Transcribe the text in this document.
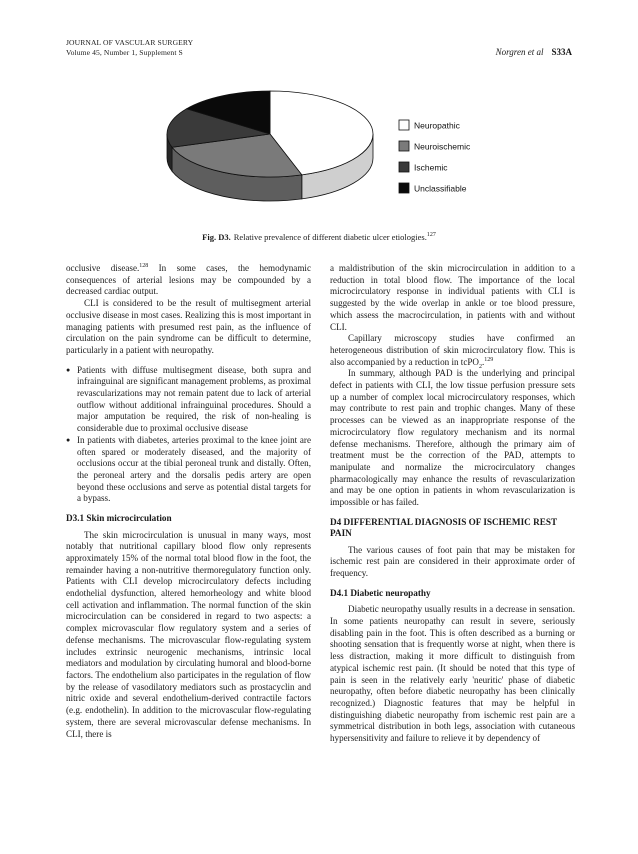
JOURNAL OF VASCULAR SURGERY
Volume 45, Number 1, Supplement S	Norgren et al S33A
Neuropathic
Neuroischemic
Ischemic
Unclassifiable
Fig. D3. Relative prevalence of different diabetic ulcer etiologies.$^{127}$

occlusive disease.$^{128}$ In some cases, the hemodynamic consequences of arterial lesions may be compounded by a decreased cardiac output.

CLI is considered to be the result of multisegment arterial occlusive disease in most cases. Realizing this is most important in managing patients with presumed rest pain, as the influence of circulation on the pain syndrome can be difficult to determine, particularly in a patient with neuropathy.

● Patients with diffuse multisegment disease, both supra and infrainguinal are significant management problems, as proximal revascularizations may not remain patent due to lack of arterial outflow without additional infrainguinal procedures. Should a major amputation be required, the risk of non-healing is considerable due to proximal occlusive disease
● In patients with diabetes, arteries proximal to the knee joint are often spared or moderately diseased, and the majority of occlusions occur at the tibial peroneal trunk and distally. Often, the peroneal artery and the dorsalis pedis artery are open beyond these occlusions and serve as potential distal targets for a bypass.
D3.1 Skin microcirculation

The skin microcirculation is unusual in many ways, most notably that nutritional capillary blood flow only represents approximately 15% of the normal total blood flow in the foot, the remainder having a non-nutritive thermoregulatory function only. Patients with CLI develop microcirculatory defects including endothelial dysfunction, altered hemorheology and white blood cell activation and inflammation. The normal function of the skin microcirculation can be considered in regard to two aspects: a complex microvascular flow regulatory system and a series of defense mechanisms. The microvascular flow-regulating system includes extrinsic neurogenic mechanisms, intrinsic local mediators and modulation by circulating humoral and blood-borne factors. The endothelium also participates in the regulation of flow by the release of vasodilatory mediators such as prostacyclin and nitric oxide and several endothelium-derived contractile factors (e.g. endothelin). In addition to the microvascular flow-regulating system, there are several microvascular defense mechanisms. In CLI, there is

a maldistribution of the skin microcirculation in addition to a reduction in total blood flow. The importance of the local microcirculatory response in individual patients with CLI is suggested by the wide overlap in ankle or toe blood pressure, which assess the macrocirculation, in patients with and without CLI.

Capillary microscopy studies have confirmed an heterogeneous distribution of skin microcirculatory flow. This is also accompanied by a reduction in tcPO$_2$.$^{129}$

In summary, although PAD is the underlying and principal defect in patients with CLI, the low tissue perfusion pressure sets up a number of complex local microcirculatory responses, which may contribute to rest pain and trophic changes. Many of these processes can be viewed as an inappropriate response of the microcirculatory flow regulatory mechanism and its normal defense mechanisms. Therefore, although the primary aim of treatment must be the correction of the PAD, attempts to manipulate and normalize the microcirculatory changes pharmacologically may enhance the results of revascularization and may be one option in patients in whom revascularization is impossible or has failed.

D4 DIFFERENTIAL DIAGNOSIS OF ISCHEMIC REST PAIN

The various causes of foot pain that may be mistaken for ischemic rest pain are considered in their approximate order of frequency.

D4.1 Diabetic neuropathy

Diabetic neuropathy usually results in a decrease in sensation. In some patients neuropathy can result in severe, seriously disabling pain in the foot. This is often described as a burning or shooting sensation that is frequently worse at night, when there is less distraction, making it more difficult to distinguish from atypical ischemic rest pain. (It should be noted that this type of pain is seen in the relatively early 'neuritic' phase of diabetic neuropathy, often before diabetic neuropathy has been clinically recognized.) Diagnostic features that may be helpful in distinguishing diabetic neuropathy from ischemic rest pain are a symmetrical distribution in both legs, association with cutaneous hypersensitivity and failure to relieve it by dependency of
